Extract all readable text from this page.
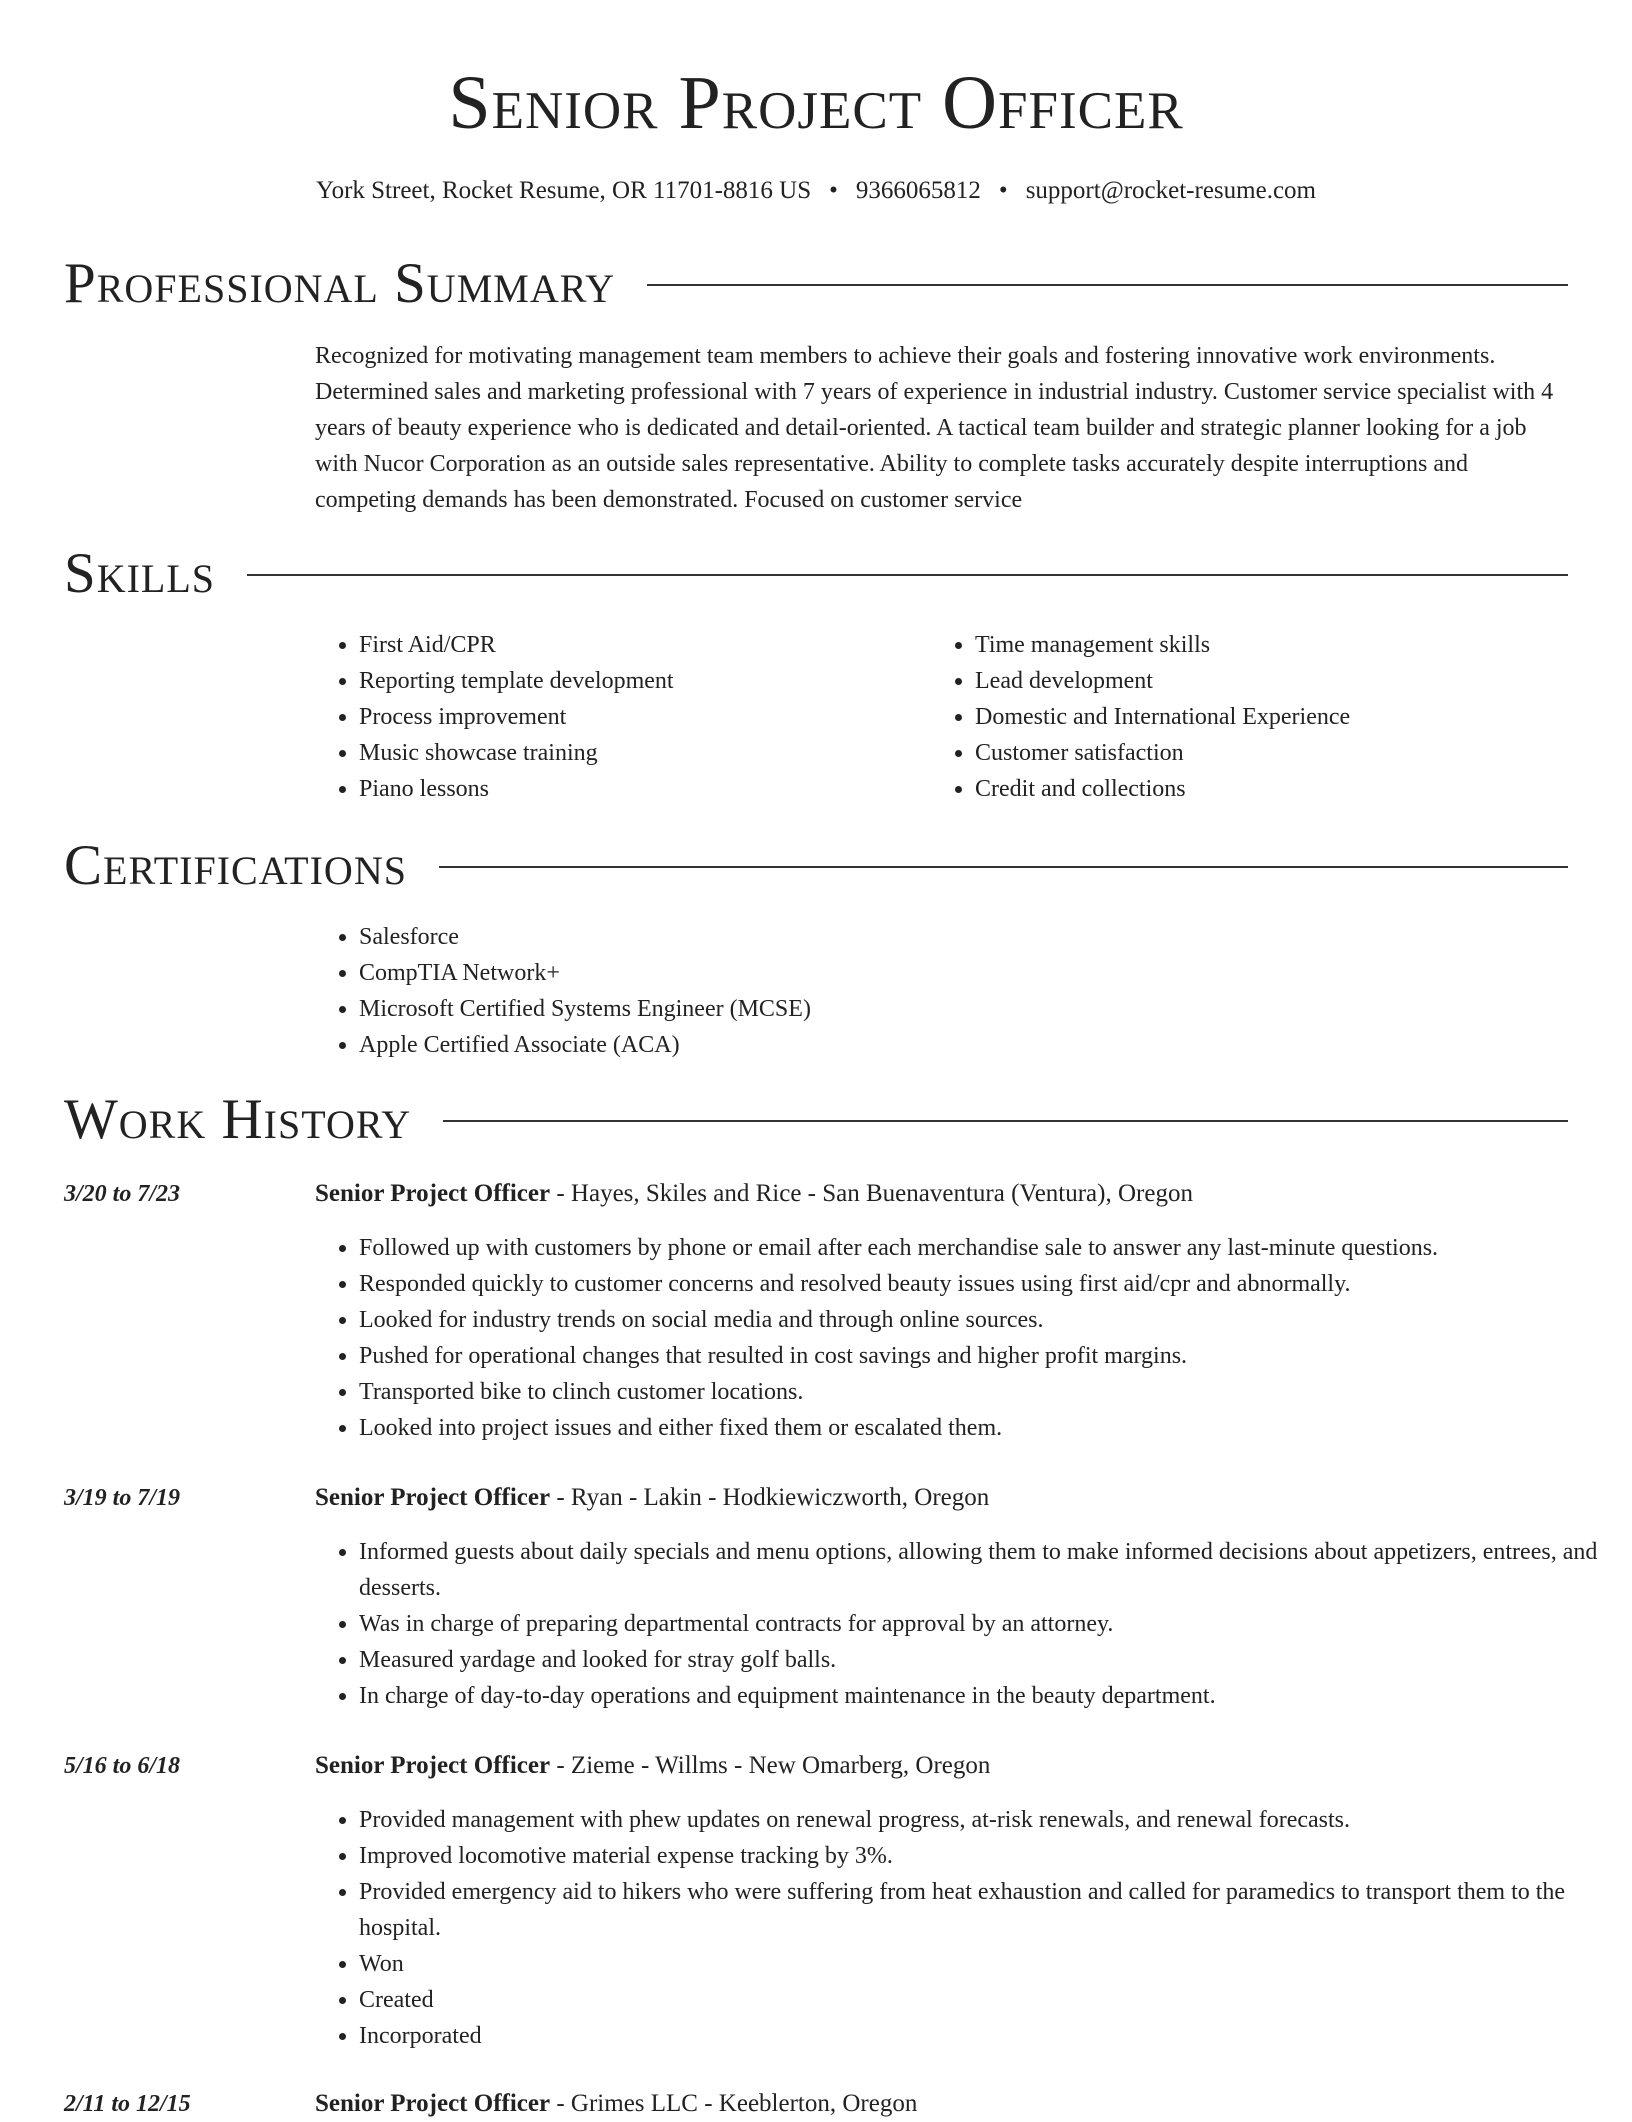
Senior Project Officer
York Street, Rocket Resume, OR 11701-8816 US • 9366065812 • support@rocket-resume.com
Professional Summary

Recognized for motivating management team members to achieve their goals and fostering innovative work environments. Determined sales and marketing professional with 7 years of experience in industrial industry. Customer service specialist with 4 years of beauty experience who is dedicated and detail-oriented. A tactical team builder and strategic planner looking for a job with Nucor Corporation as an outside sales representative. Ability to complete tasks accurately despite interruptions and competing demands has been demonstrated. Focused on customer service

Skills
• First Aid/CPR
• Reporting template development
• Process improvement
• Music showcase training
• Piano lessons
• Time management skills
• Lead development
• Domestic and International Experience
• Customer satisfaction
• Credit and collections
Certifications
• Salesforce
• CompTIA Network+
• Microsoft Certified Systems Engineer (MCSE)
• Apple Certified Associate (ACA)
Work History
3/20 to 7/23	Senior Project Officer - Hayes, Skiles and Rice - San Buenaventura (Ventura), Oregon
• Followed up with customers by phone or email after each merchandise sale to answer any last-minute questions.
• Responded quickly to customer concerns and resolved beauty issues using first aid/cpr and abnormally.
• Looked for industry trends on social media and through online sources.
• Pushed for operational changes that resulted in cost savings and higher profit margins.
• Transported bike to clinch customer locations.
• Looked into project issues and either fixed them or escalated them.
3/19 to 7/19	Senior Project Officer - Ryan - Lakin - Hodkiewiczworth, Oregon
• Informed guests about daily specials and menu options, allowing them to make informed decisions about appetizers, entrees, and desserts.
• Was in charge of preparing departmental contracts for approval by an attorney.
• Measured yardage and looked for stray golf balls.
• In charge of day-to-day operations and equipment maintenance in the beauty department.
5/16 to 6/18	Senior Project Officer - Zieme - Willms - New Omarberg, Oregon
• Provided management with phew updates on renewal progress, at-risk renewals, and renewal forecasts.
• Improved locomotive material expense tracking by 3%.
• Provided emergency aid to hikers who were suffering from heat exhaustion and called for paramedics to transport them to the hospital.
• Won
• Created
• Incorporated
2/11 to 12/15	Senior Project Officer - Grimes LLC - Keeblerton, Oregon
